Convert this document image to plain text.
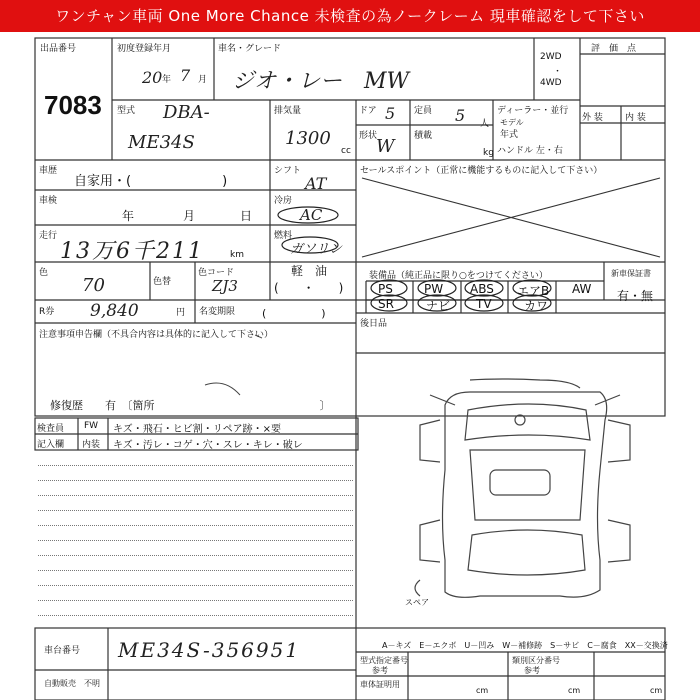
ワンチャン車両 One More Chance 未検査の為ノークレーム 現車確認をして下さい
出品番号
7083
初度登録年月
20 年 7 月
車名・グレード
ジオ・レー　MW
2WD
・
4WD
評　価　点
型式 DBA-
ME34S
排気量
1300
cc
ドア 5 定員 5 人
ディーラー・並行
モデル
年式
形状
W 積載
kg ハンドル 左・右
外 装 内 装
車歴
自家用・(　　　　　　　)
シフト
AT
セールスポイント（正常に機能するものに記入して下さい）
車検
年	月	日
冷房
AC
走行
13万6千211	km
燃料
ガソリン
軽　油
(　　・　　)
色
70	色替
色コード
ZJ3
装備品（純正品に限り○をつけてください）	新車保証書
有・無
PS	PW ABS エアB AW
SR	ナビ TV	カワ
R券 9,840	円 名変期限 (　　　　　)
後日品
注意事項申告欄（不具合内容は具体的に記入して下さい）
修復歴　　有　〔箇所　　　　　　　　　　　　　　　〕
検査員
記入欄
FW キズ・飛石・ヒビ割・リペア跡・×要
内装 キズ・汚レ・コゲ・穴・スレ・キレ・破レ
スペア
車台番号 ME34S-356951	A－キズ　E－エクボ　U－凹み　W－補修跡　S－サビ　C－腐食　XX－交換済
型式指定番号
参考
類別区分番号
参考
車体証明用
cm	cm	cm
自動販売　不明
